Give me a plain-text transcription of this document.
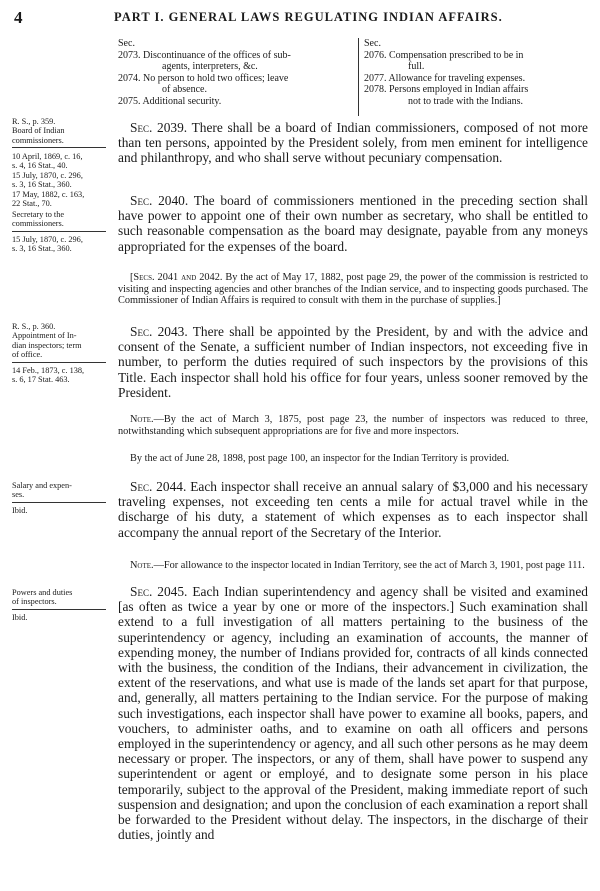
4	PART I. GENERAL LAWS REGULATING INDIAN AFFAIRS.
Sec.
2073. Discontinuance of the offices of sub-
agents, interpreters, &c.
2074. No person to hold two offices; leave
of absence.
2075. Additional security.
Sec.
2076. Compensation prescribed to be in
full.
2077. Allowance for traveling expenses.
2078. Persons employed in Indian affairs
not to trade with the Indians.
R. S., p. 359.
Board of Indian
commissioners.
10 April, 1869, c. 16,
s. 4, 16 Stat., 40.
15 July, 1870, c. 296,
s. 3, 16 Stat., 360.
17 May, 1882, c. 163,
22 Stat., 70.
Secretary to the
commissioners.
15 July, 1870, c. 296,
s. 3, 16 Stat., 360.
R. S., p. 360.
Appointment of In-
dian inspectors; term
of office.
14 Feb., 1873, c. 138,
s. 6, 17 Stat. 463.
Salary and expen-
ses.
Ibid.
Powers and duties
of inspectors.
Ibid.

Sec. 2039. There shall be a board of Indian commissioners, composed of not more than ten persons, appointed by the President solely, from men eminent for intelligence and philanthropy, and who shall serve without pecuniary compensation.

Sec. 2040. The board of commissioners mentioned in the preceding section shall have power to appoint one of their own number as secretary, who shall be entitled to such reasonable compensation as the board may designate, payable from any moneys appropriated for the expenses of the board.

[Secs. 2041 and 2042. By the act of May 17, 1882, post page 29, the power of the commission is restricted to visiting and inspecting agencies and other branches of the Indian service, and to inspecting goods purchased. The Commissioner of Indian Affairs is required to consult with them in the purchase of supplies.]

Sec. 2043. There shall be appointed by the President, by and with the advice and consent of the Senate, a sufficient number of Indian inspectors, not exceeding five in number, to perform the duties required of such inspectors by the provisions of this Title. Each inspector shall hold his office for four years, unless sooner removed by the President.

Note.—By the act of March 3, 1875, post page 23, the number of inspectors was reduced to three, notwithstanding which subsequent appropriations are for five and more inspectors.

By the act of June 28, 1898, post page 100, an inspector for the Indian Territory is provided.

Sec. 2044. Each inspector shall receive an annual salary of $3,000 and his necessary traveling expenses, not exceeding ten cents a mile for actual travel while in the discharge of his duty, a statement of which expenses as to each inspector shall accompany the annual report of the Secretary of the Interior.

Note.—For allowance to the inspector located in Indian Territory, see the act of March 3, 1901, post page 111.

Sec. 2045. Each Indian superintendency and agency shall be visited and examined [as often as twice a year by one or more of the inspectors.] Such examination shall extend to a full investigation of all matters pertaining to the business of the superintendency or agency, including an examination of accounts, the manner of expending money, the number of Indians provided for, contracts of all kinds connected with the business, the condition of the Indians, their advancement in civilization, the extent of the reservations, and what use is made of the lands set apart for that purpose, and, generally, all matters pertaining to the Indian service. For the purpose of making such investigations, each inspector shall have power to examine all books, papers, and vouchers, to administer oaths, and to examine on oath all officers and persons employed in the superintendency or agency, and all such other persons as he may deem necessary or proper. The inspectors, or any of them, shall have power to suspend any superintendent or agent or employé, and to designate some person in his place temporarily, subject to the approval of the President, making immediate report of such suspension and designation; and upon the conclusion of each examination a report shall be forwarded to the President without delay. The inspectors, in the discharge of their duties, jointly and
